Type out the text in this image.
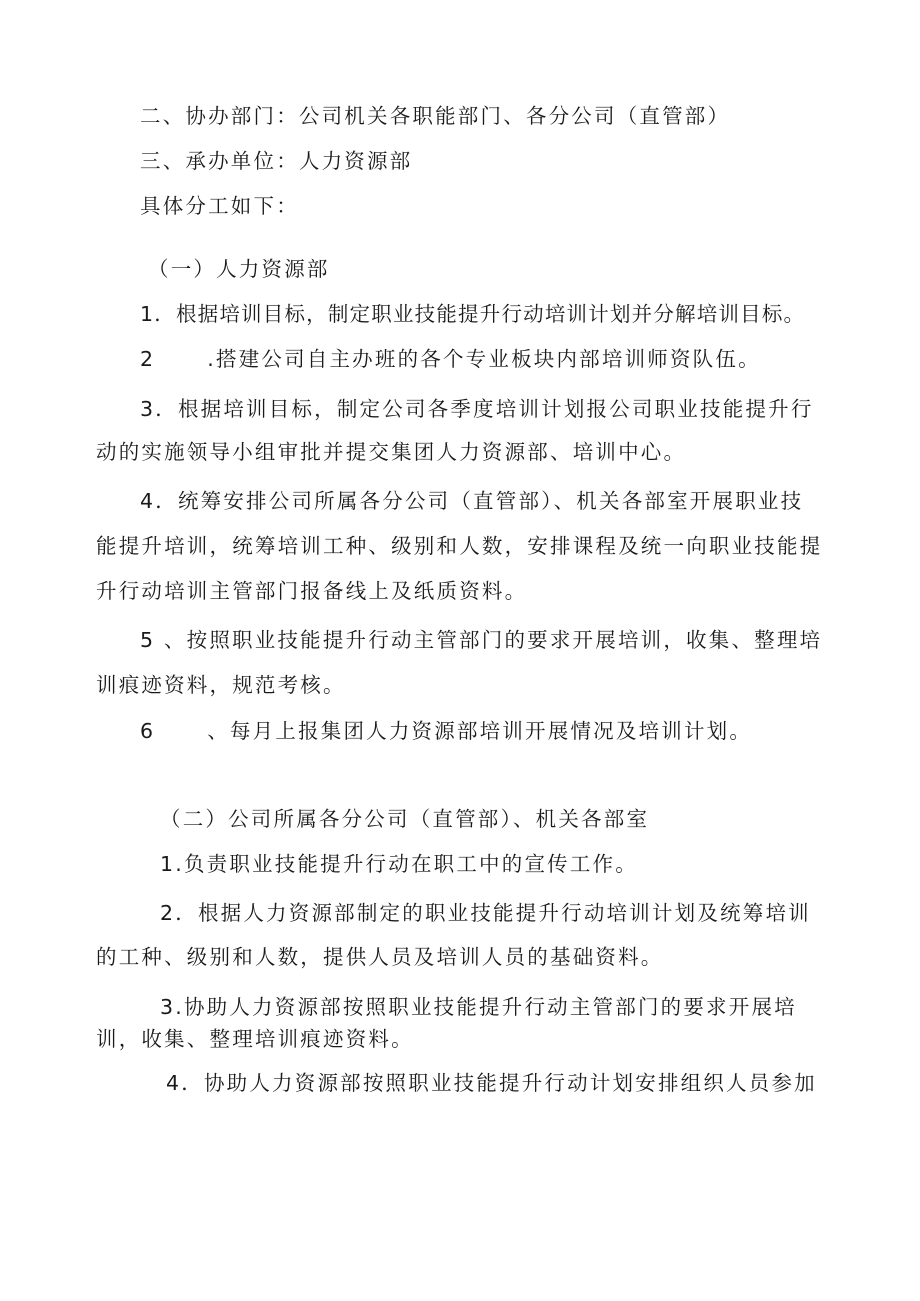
二、协办部门：公司机关各职能部门、各分公司（直管部）
三、承办单位：人力资源部
具体分工如下：
（一）人力资源部
1．根据培训目标，制定职业技能提升行动培训计划并分解培训目标。
2	.搭建公司自主办班的各个专业板块内部培训师资队伍。
3．根据培训目标，制定公司各季度培训计划报公司职业技能提升行
动的实施领导小组审批并提交集团人力资源部、培训中心。
4．统筹安排公司所属各分公司（直管部）、机关各部室开展职业技
能提升培训，统筹培训工种、级别和人数，安排课程及统一向职业技能提
升行动培训主管部门报备线上及纸质资料。
5 、按照职业技能提升行动主管部门的要求开展培训，收集、整理培
训痕迹资料，规范考核。
6	、每月上报集团人力资源部培训开展情况及培训计划。
（二）公司所属各分公司（直管部）、机关各部室
1.负责职业技能提升行动在职工中的宣传工作。
2．根据人力资源部制定的职业技能提升行动培训计划及统筹培训
的工种、级别和人数，提供人员及培训人员的基础资料。
3.协助人力资源部按照职业技能提升行动主管部门的要求开展培
训，收集、整理培训痕迹资料。
4．协助人力资源部按照职业技能提升行动计划安排组织人员参加
